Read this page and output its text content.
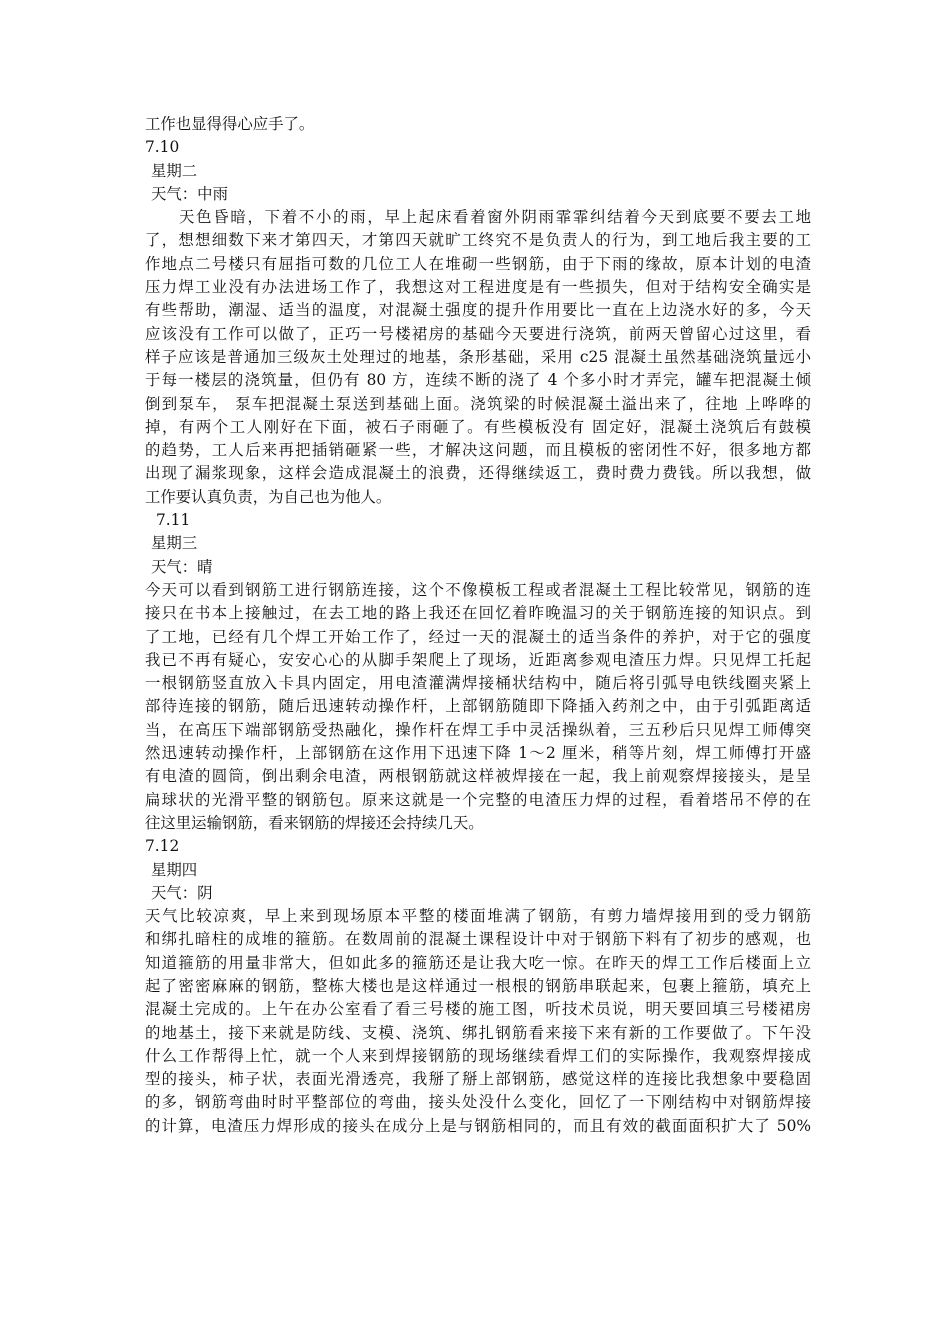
工作也显得得心应手了。
7.10
星期二
天气：中雨
天色昏暗，下着不小的雨，早上起床看着窗外阴雨霏霏纠结着今天到底要不要去工地
了，想想细数下来才第四天，才第四天就旷工终究不是负责人的行为，到工地后我主要的工
作地点二号楼只有屈指可数的几位工人在堆砌一些钢筋，由于下雨的缘故，原本计划的电渣
压力焊工业没有办法进场工作了，我想这对工程进度是有一些损失，但对于结构安全确实是
有些帮助，潮湿、适当的温度，对混凝土强度的提升作用要比一直在上边浇水好的多，今天
应该没有工作可以做了，正巧一号楼裙房的基础今天要进行浇筑，前两天曾留心过这里，看
样子应该是普通加三级灰土处理过的地基，条形基础，采用 c25 混凝土虽然基础浇筑量远小
于每一楼层的浇筑量，但仍有 80 方，连续不断的浇了 4 个多小时才弄完，罐车把混凝土倾
倒到泵车， 泵车把混凝土泵送到基础上面。浇筑梁的时候混凝土溢出来了，往地 上哗哗的
掉，有两个工人刚好在下面，被石子雨砸了。有些模板没有 固定好，混凝土浇筑后有鼓模
的趋势，工人后来再把插销砸紧一些，才解决这问题，而且模板的密闭性不好，很多地方都
出现了漏浆现象，这样会造成混凝土的浪费，还得继续返工，费时费力费钱。所以我想，做
工作要认真负责，为自己也为他人。
7.11
星期三
天气：晴
今天可以看到钢筋工进行钢筋连接，这个不像模板工程或者混凝土工程比较常见，钢筋的连
接只在书本上接触过，在去工地的路上我还在回忆着昨晚温习的关于钢筋连接的知识点。到
了工地，已经有几个焊工开始工作了，经过一天的混凝土的适当条件的养护，对于它的强度
我已不再有疑心，安安心心的从脚手架爬上了现场，近距离参观电渣压力焊。只见焊工托起
一根钢筋竖直放入卡具内固定，用电渣灌满焊接桶状结构中，随后将引弧导电铁线圈夹紧上
部待连接的钢筋，随后迅速转动操作杆，上部钢筋随即下降插入药剂之中，由于引弧距离适
当，在高压下端部钢筋受热融化，操作杆在焊工手中灵活操纵着，三五秒后只见焊工师傅突
然迅速转动操作杆，上部钢筋在这作用下迅速下降 1～2 厘米，稍等片刻，焊工师傅打开盛
有电渣的圆筒，倒出剩余电渣，两根钢筋就这样被焊接在一起，我上前观察焊接接头，是呈
扁球状的光滑平整的钢筋包。原来这就是一个完整的电渣压力焊的过程，看着塔吊不停的在
往这里运输钢筋，看来钢筋的焊接还会持续几天。
7.12
星期四
天气：阴
天气比较凉爽，早上来到现场原本平整的楼面堆满了钢筋，有剪力墙焊接用到的受力钢筋
和绑扎暗柱的成堆的箍筋。在数周前的混凝土课程设计中对于钢筋下料有了初步的感观，也
知道箍筋的用量非常大，但如此多的箍筋还是让我大吃一惊。在昨天的焊工工作后楼面上立
起了密密麻麻的钢筋，整栋大楼也是这样通过一根根的钢筋串联起来，包裹上箍筋，填充上
混凝土完成的。上午在办公室看了看三号楼的施工图，听技术员说，明天要回填三号楼裙房
的地基土，接下来就是防线、支模、浇筑、绑扎钢筋看来接下来有新的工作要做了。下午没
什么工作帮得上忙，就一个人来到焊接钢筋的现场继续看焊工们的实际操作，我观察焊接成
型的接头，柿子状，表面光滑透亮，我掰了掰上部钢筋，感觉这样的连接比我想象中要稳固
的多，钢筋弯曲时时平整部位的弯曲，接头处没什么变化，回忆了一下刚结构中对钢筋焊接
的计算，电渣压力焊形成的接头在成分上是与钢筋相同的，而且有效的截面面积扩大了 50%
